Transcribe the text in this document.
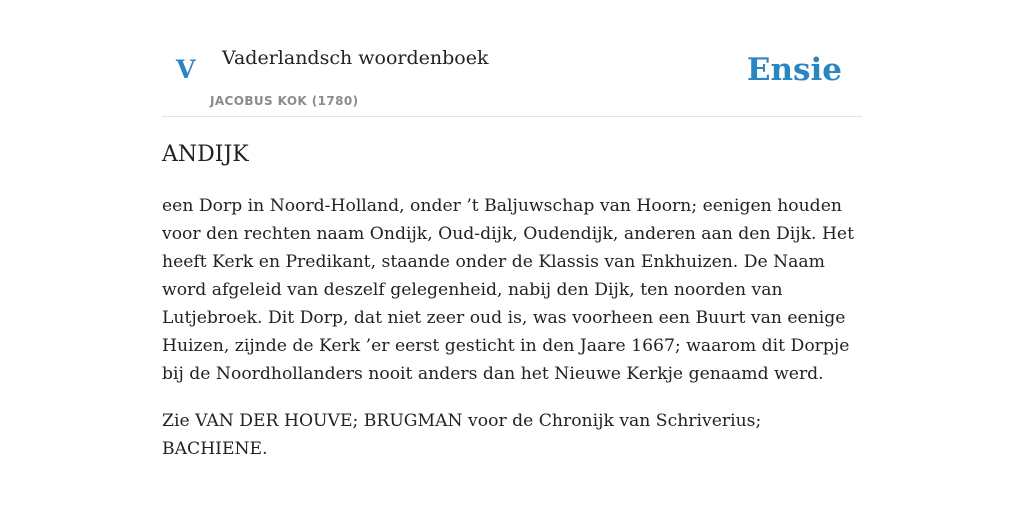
V Vaderlandsch woordenboek
JACOBUS KOK (1780)
Ensie
ANDIJK

een Dorp in Noord-Holland, onder ’t Baljuwschap van Hoorn; eenigen houden voor den rechten naam Ondijk, Oud-dijk, Oudendijk, anderen aan den Dijk. Het heeft Kerk en Predikant, staande onder de Klassis van Enkhuizen. De Naam word afgeleid van deszelf gelegenheid, nabij den Dijk, ten noorden van Lutjebroek. Dit Dorp, dat niet zeer oud is, was voorheen een Buurt van eenige Huizen, zijnde de Kerk ’er eerst gesticht in den Jaare 1667; waarom dit Dorpje bij de Noordhollanders nooit anders dan het Nieuwe Kerkje genaamd werd.

Zie VAN DER HOUVE; BRUGMAN voor de Chronijk van Schriverius; BACHIENE.
